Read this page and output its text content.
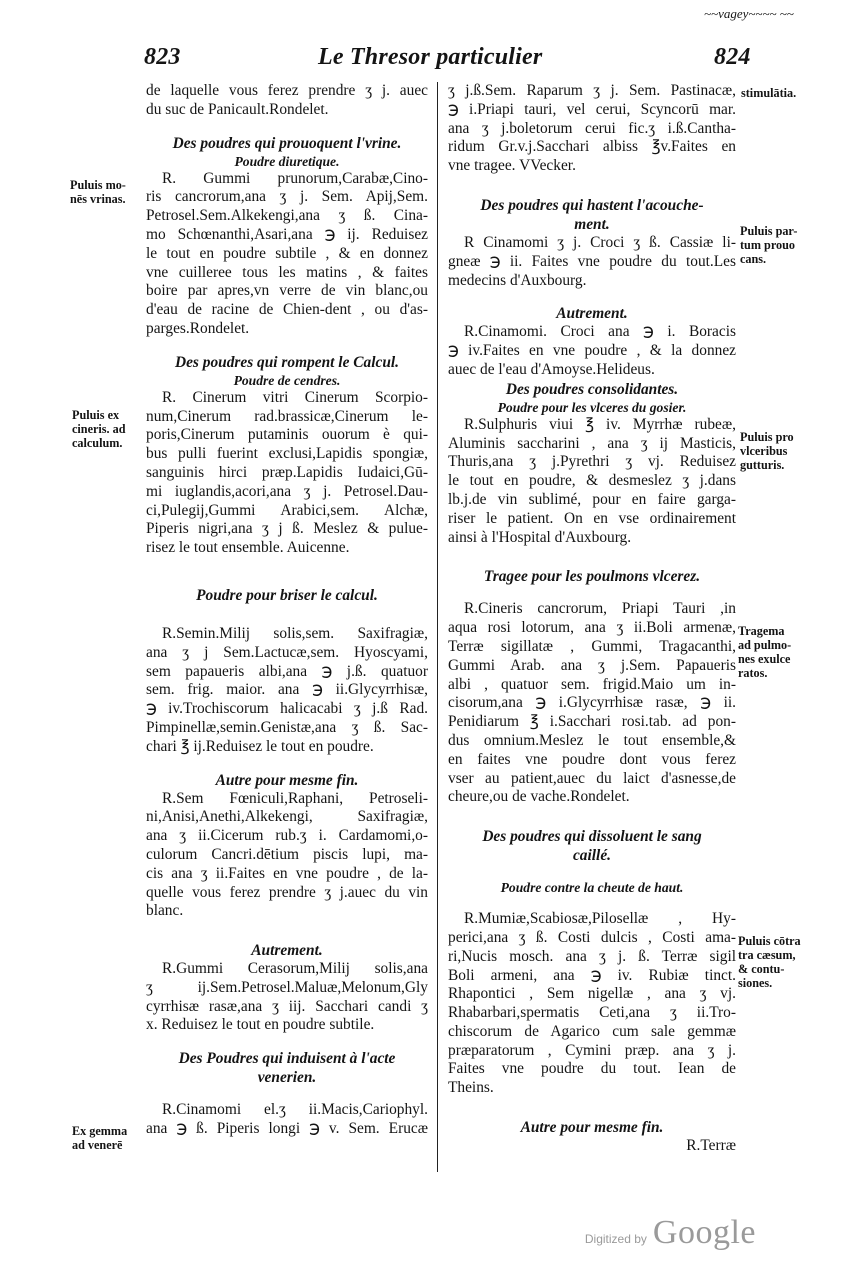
823	Le Thresor particulier	824
~~vagey~~~~ ~~
de laquelle vous ferez prendre ʒ j. auec
du suc de Panicault.Rondelet.
Des poudres qui prouoquent l'vrine.
Poudre diuretique.
R. Gummi prunorum,Carabæ,Cino-
ris cancrorum,ana ʒ j. Sem. Apij,Sem.
Petrosel.Sem.Alkekengi,ana ʒ ß. Cina-
mo Schœnanthi,Asari,ana ℈ ij. Reduisez
le tout en poudre subtile , & en donnez
vne cuilleree tous les matins , & faites
boire par apres,vn verre de vin blanc,ou
d'eau de racine de Chien-dent , ou d'as-
parges.Rondelet.
Des poudres qui rompent le Calcul.
Poudre de cendres.
R. Cinerum vitri Cinerum Scorpio-
num,Cinerum rad.brassicæ,Cinerum le-
poris,Cinerum putaminis ouorum è qui-
bus pulli fuerint exclusi,Lapidis spongiæ,
sanguinis hirci præp.Lapidis Iudaici,Gū-
mi iuglandis,acori,ana ʒ j. Petrosel.Dau-
ci,Pulegij,Gummi Arabici,sem. Alchæ,
Piperis nigri,ana ʒ j ß. Meslez & pulue-
risez le tout ensemble. Auicenne.
Poudre pour briser le calcul.
R.Semin.Milij solis,sem. Saxifragiæ,
ana ʒ j Sem.Lactucæ,sem. Hyoscyami,
sem papaueris albi,ana ℈ j.ß. quatuor
sem. frig. maior. ana ℈ ii.Glycyrrhisæ,
℈ iv.Trochiscorum halicacabi ʒ j.ß Rad.
Pimpinellæ,semin.Genistæ,ana ʒ ß. Sac-
chari ℥ ij.Reduisez le tout en poudre.
Autre pour mesme fin.
R.Sem Fœniculi,Raphani, Petroseli-
ni,Anisi,Anethi,Alkekengi, Saxifragiæ,
ana ʒ ii.Cicerum rub.ʒ i. Cardamomi,o-
culorum Cancri.dētium piscis lupi, ma-
cis ana ʒ ii.Faites en vne poudre , de la-
quelle vous ferez prendre ʒ j.auec du vin
blanc.
Autrement.
R.Gummi Cerasorum,Milij solis,ana
ʒ ij.Sem.Petrosel.Maluæ,Melonum,Gly
cyrrhisæ rasæ,ana ʒ iij. Sacchari candi ʒ
x. Reduisez le tout en poudre subtile.
Des Poudres qui induisent à l'acte
venerien.
R.Cinamomi el.ʒ ii.Macis,Cariophyl.
ana ℈ ß. Piperis longi ℈ v. Sem. Erucæ
ʒ j.ß.Sem. Raparum ʒ j. Sem. Pastinacæ,
℈ i.Priapi tauri, vel cerui, Scyncorū mar.
ana ʒ j.boletorum cerui fic.ʒ i.ß.Cantha-
ridum Gr.v.j.Sacchari albiss ℥v.Faites en
vne tragee. VVecker.
Des poudres qui hastent l'acouche-
ment.
R Cinamomi ʒ j. Croci ʒ ß. Cassiæ li-
gneæ ℈ ii. Faites vne poudre du tout.Les
medecins d'Auxbourg.
Autrement.
R.Cinamomi. Croci ana ℈ i. Boracis
℈ iv.Faites en vne poudre , & la donnez
auec de l'eau d'Amoyse.Helideus.
Des poudres consolidantes.
Poudre pour les vlceres du gosier.
R.Sulphuris viui ℥ iv. Myrrhæ rubeæ,
Aluminis saccharini , ana ʒ ij Masticis,
Thuris,ana ʒ j.Pyrethri ʒ vj. Reduisez
le tout en poudre, & desmeslez ʒ j.dans
lb.j.de vin sublimé, pour en faire garga-
riser le patient. On en vse ordinairement
ainsi à l'Hospital d'Auxbourg.
Tragee pour les poulmons vlcerez.
R.Cineris cancrorum, Priapi Tauri ,in
aqua rosi lotorum, ana ʒ ii.Boli armenæ,
Terræ sigillatæ , Gummi, Tragacanthi,
Gummi Arab. ana ʒ j.Sem. Papaueris
albi , quatuor sem. frigid.Maio um in-
cisorum,ana ℈ i.Glycyrrhisæ rasæ, ℈ ii.
Penidiarum ℥ i.Sacchari rosi.tab. ad pon-
dus omnium.Meslez le tout ensemble,&
en faites vne poudre dont vous ferez
vser au patient,auec du laict d'asnesse,de
cheure,ou de vache.Rondelet.
Des poudres qui dissoluent le sang
caillé.
Poudre contre la cheute de haut.
R.Mumiæ,Scabiosæ,Pilosellæ , Hy-
perici,ana ʒ ß. Costi dulcis , Costi ama-
ri,Nucis mosch. ana ʒ j. ß. Terræ sigil
Boli armeni, ana ℈ iv. Rubiæ tinct.
Rhapontici , Sem nigellæ , ana ʒ vj.
Rhabarbari,spermatis Ceti,ana ʒ ii.Tro-
chiscorum de Agarico cum sale gemmæ
præparatorum , Cymini præp. ana ʒ j.
Faites vne poudre du tout. Iean de
Theins.
Autre pour mesme fin.
R.Terræ
Puluis mo-
nēs vrinas.
Puluis ex
cineris. ad
calculum.
Ex gemma
ad venerē
stimulātia.
Puluis par-
tum prouo
cans.
Puluis pro
vlceribus
gutturis.
Tragema
ad pulmo-
nes exulce
ratos.
Puluis cōtra
tra cæsum,
& contu-
siones.
Digitized by Google
